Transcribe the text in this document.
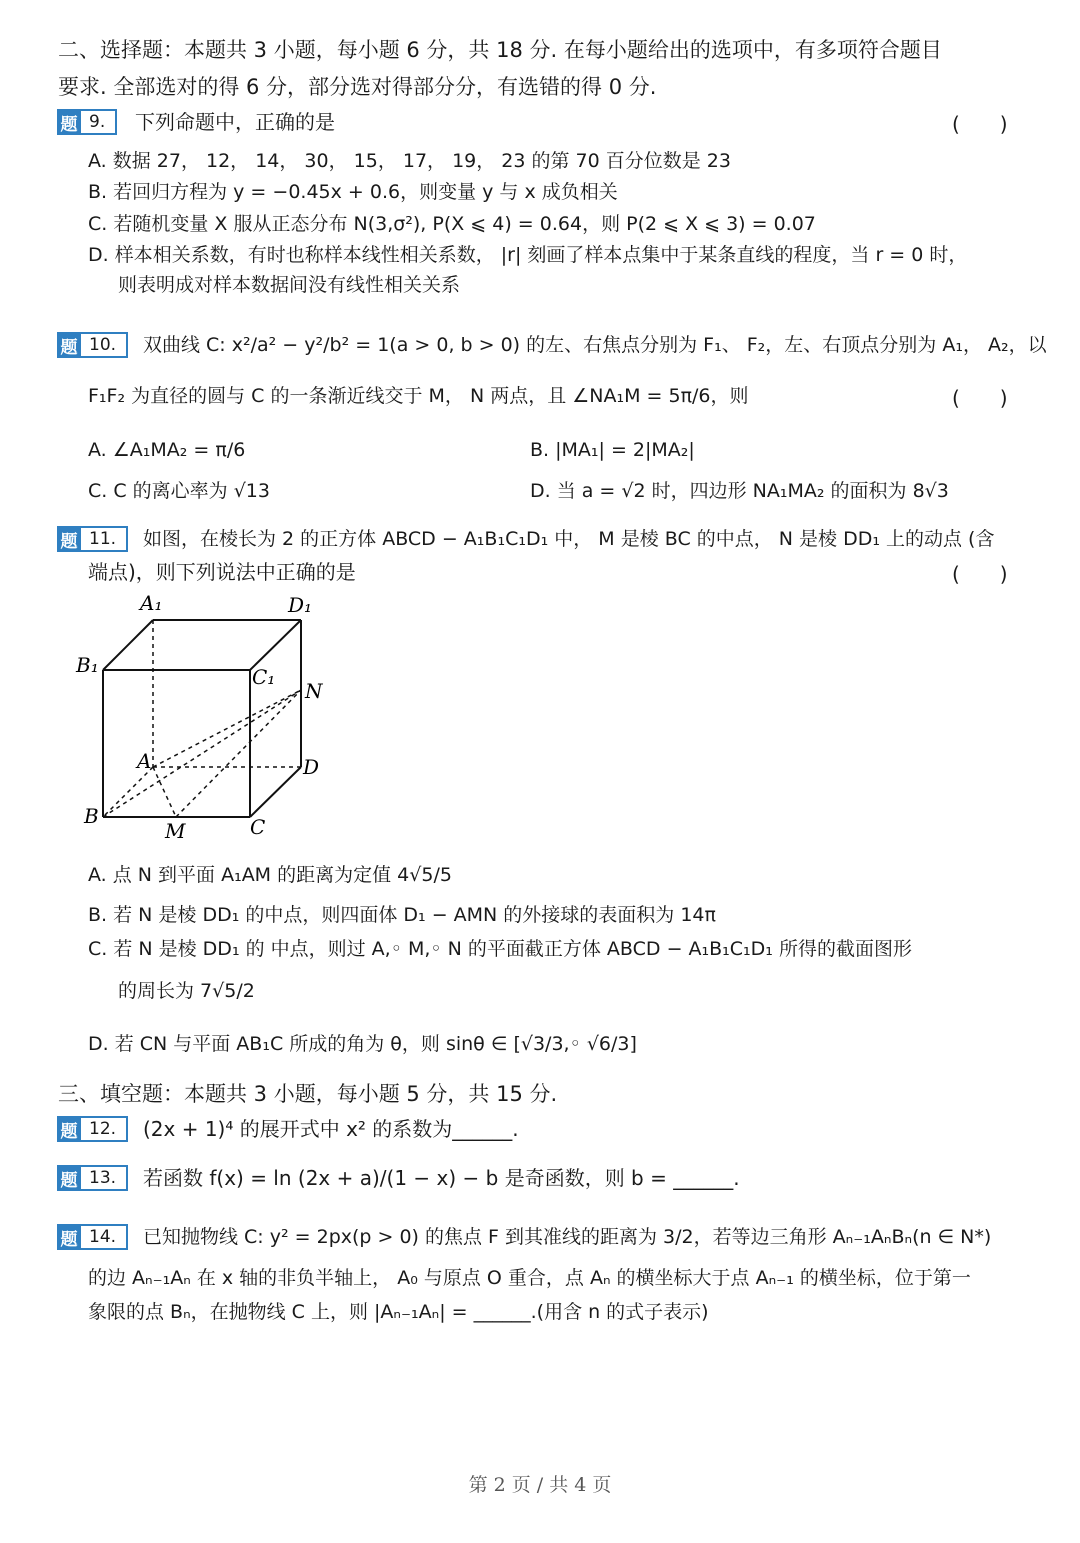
二、选择题：本题共 3 小题，每小题 6 分，共 18 分. 在每小题给出的选项中，有多项符合题目
要求. 全部选对的得 6 分，部分选对得部分分，有选错的得 0 分.
题 9.	下列命题中，正确的是	(　　)
A. 数据 27， 12， 14， 30， 15， 17， 19， 23 的第 70 百分位数是 23
B. 若回归方程为 y = −0.45x + 0.6，则变量 y 与 x 成负相关
C. 若随机变量 X 服从正态分布 N(3,σ²), P(X ⩽ 4) = 0.64，则 P(2 ⩽ X ⩽ 3) = 0.07
D. 样本相关系数，有时也称样本线性相关系数， |r| 刻画了样本点集中于某条直线的程度，当 r = 0 时，
则表明成对样本数据间没有线性相关关系
题 10.	双曲线 C: x²/a² − y²/b² = 1(a > 0, b > 0) 的左、右焦点分别为 F₁、 F₂，左、右顶点分别为 A₁， A₂，以
F₁F₂ 为直径的圆与 C 的一条渐近线交于 M， N 两点，且 ∠NA₁M = 5π/6，则	(　　)
A. ∠A₁MA₂ = π/6	B. |MA₁| = 2|MA₂|
C. C 的离心率为 √13	D. 当 a = √2 时，四边形 NA₁MA₂ 的面积为 8√3
题 11.	如图，在棱长为 2 的正方体 ABCD − A₁B₁C₁D₁ 中， M 是棱 BC 的中点， N 是棱 DD₁ 上的动点 (含
端点)，则下列说法中正确的是	(　　)
A₁	D₁
B₁	C₁
N
A	D
B
M	C
A. 点 N 到平面 A₁AM 的距离为定值 4√5/5
B. 若 N 是棱 DD₁ 的中点，则四面体 D₁ − AMN 的外接球的表面积为 14π
C. 若 N 是棱 DD₁ 的 中点，则过 A,◦ M,◦ N 的平面截正方体 ABCD − A₁B₁C₁D₁ 所得的截面图形
的周长为 7√5/2
D. 若 CN 与平面 AB₁C 所成的角为 θ，则 sinθ ∈ [√3/3,◦ √6/3]
三、填空题：本题共 3 小题，每小题 5 分，共 15 分.
题 12.	(2x + 1)⁴ 的展开式中 x² 的系数为______.
题 13.	若函数 f(x) = ln (2x + a)/(1 − x) − b 是奇函数，则 b = ______.
题 14.	已知抛物线 C: y² = 2px(p > 0) 的焦点 F 到其准线的距离为 3/2，若等边三角形 Aₙ₋₁AₙBₙ(n ∈ N*)
的边 Aₙ₋₁Aₙ 在 x 轴的非负半轴上， A₀ 与原点 O 重合，点 Aₙ 的横坐标大于点 Aₙ₋₁ 的横坐标，位于第一
象限的点 Bₙ，在抛物线 C 上，则 |Aₙ₋₁Aₙ| = ______.(用含 n 的式子表示)
第 2 页 / 共 4 页
